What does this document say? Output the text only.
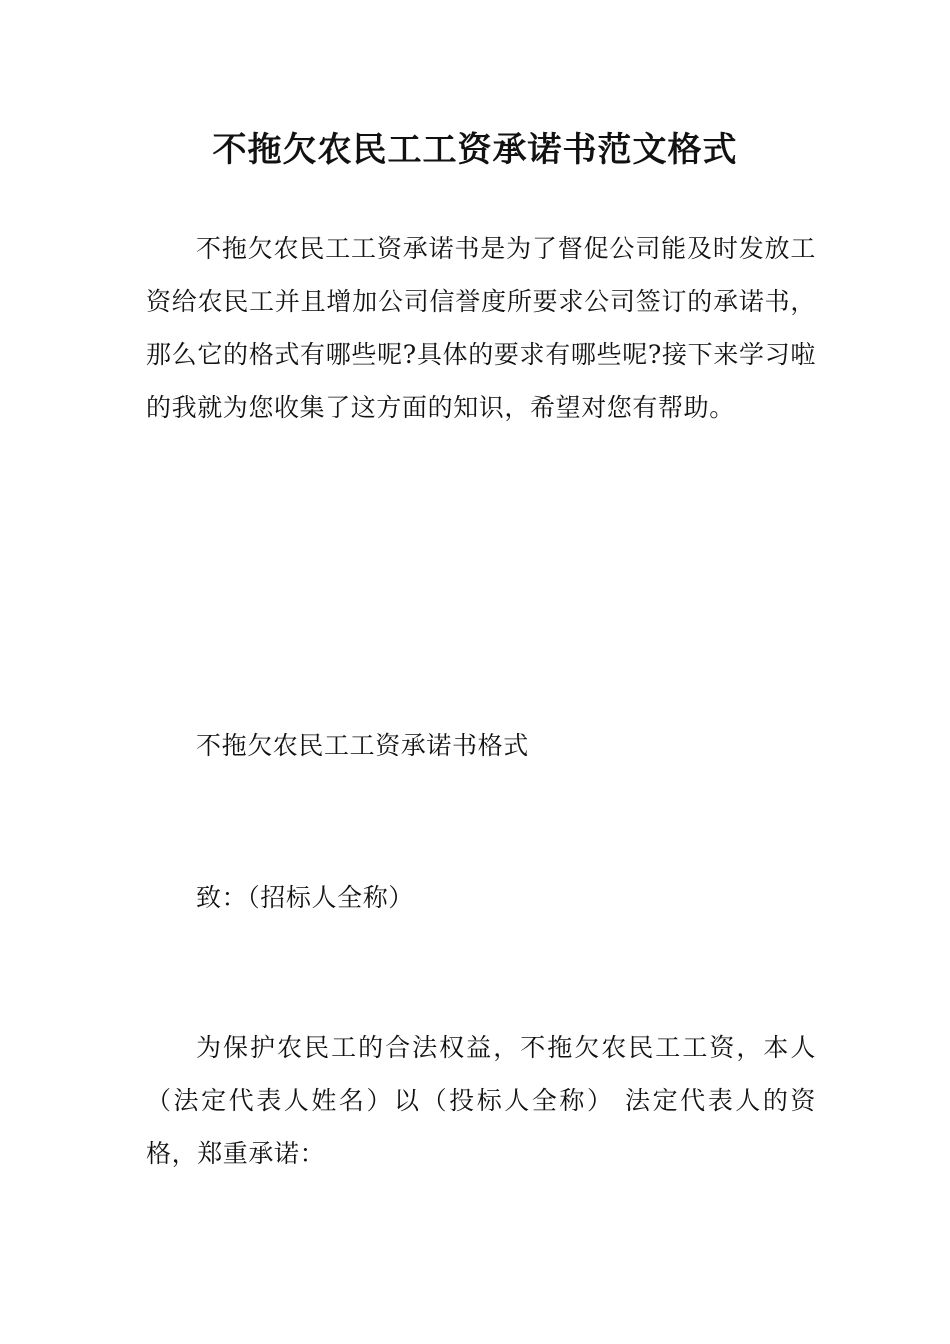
不拖欠农民工工资承诺书范文格式

不拖欠农民工工资承诺书是为了督促公司能及时发放工资给农民工并且增加公司信誉度所要求公司签订的承诺书，那么它的格式有哪些呢?具体的要求有哪些呢?接下来学习啦的我就为您收集了这方面的知识，希望对您有帮助。

不拖欠农民工工资承诺书格式

致：（招标人全称）

为保护农民工的合法权益，不拖欠农民工工资，本人（法定代表人姓名）以（投标人全称） 法定代表人的资格，郑重承诺：
